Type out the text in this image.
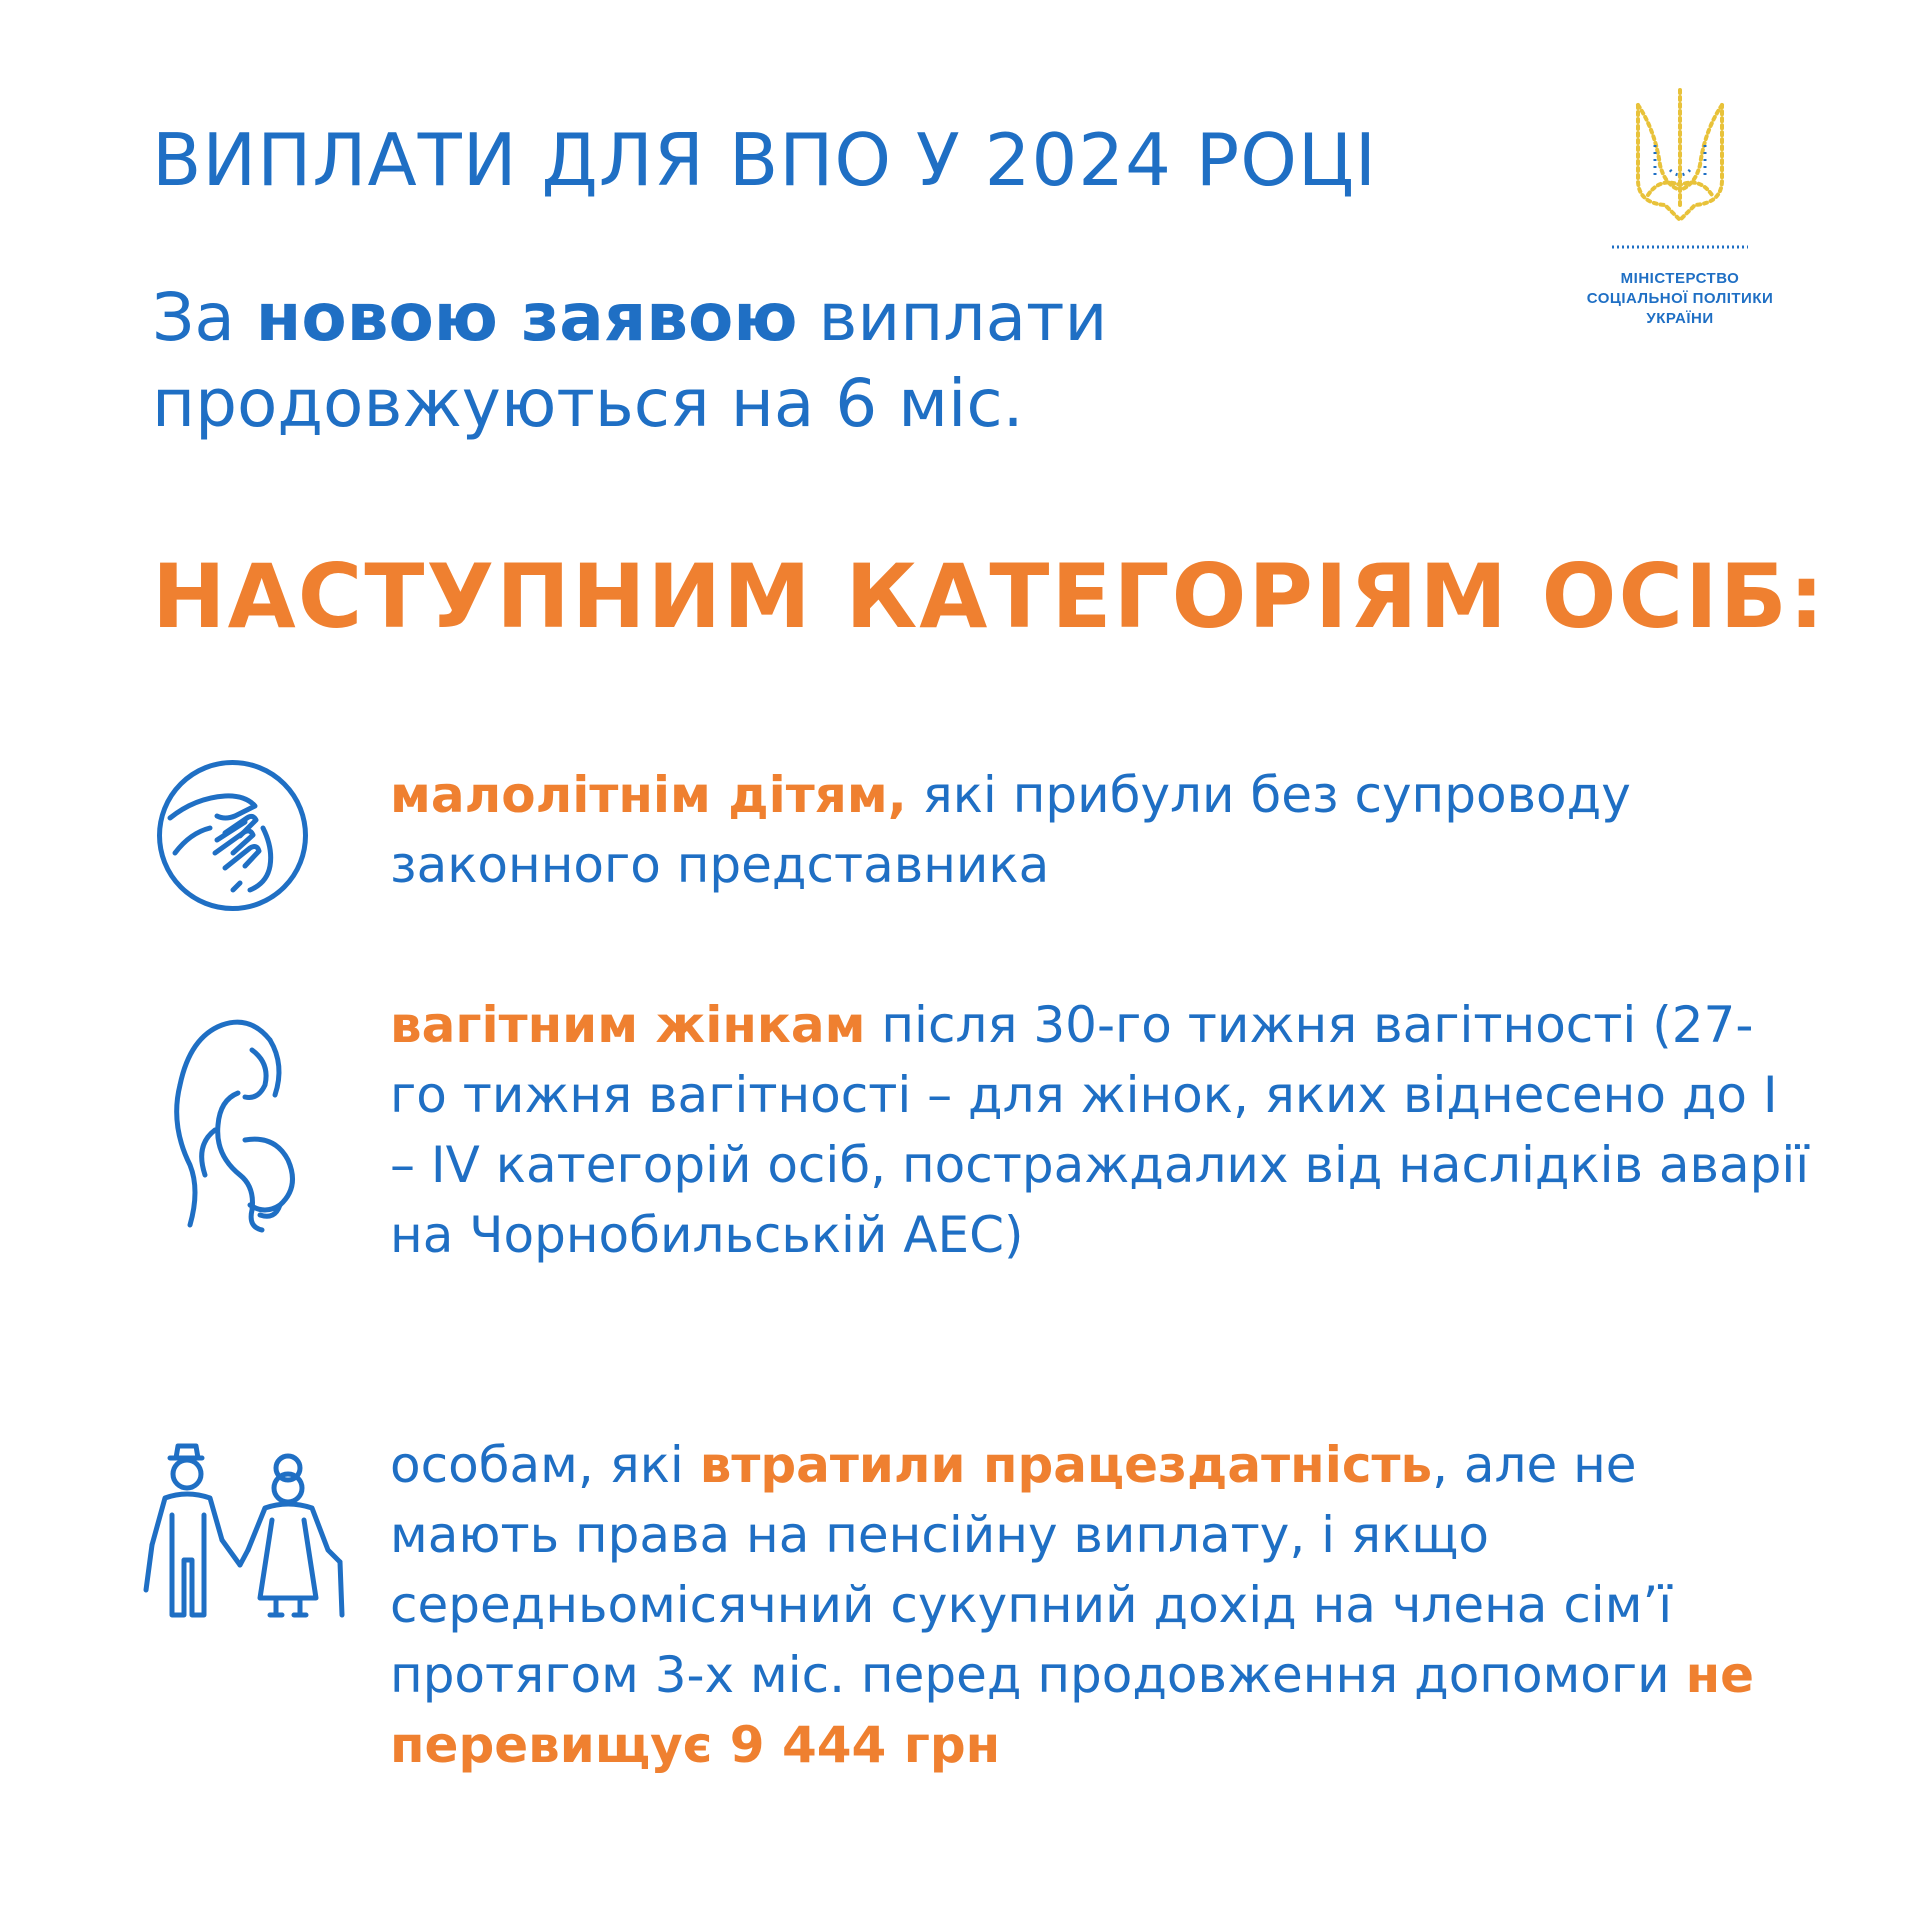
ВИПЛАТИ ДЛЯ ВПО У 2024 РОЦІ
МІНІСТЕРСТВО
СОЦІАЛЬНОЇ ПОЛІТИКИ
УКРАЇНИ

За новою заявою виплати продовжуються на 6 міс.

НАСТУПНИМ КАТЕГОРІЯМ ОСІБ:

малолітнім дітям, які прибули без супроводу законного представника

вагітним жінкам після 30-го тижня вагітності (27-го тижня вагітності – для жінок, яких віднесено до I – IV категорій осіб, постраждалих від наслідків аварії на Чорнобильській АЕС)

особам, які втратили працездатність, але не мають права на пенсійну виплату, і якщо середньомісячний сукупний дохід на члена сім’ї протягом 3-х міс. перед продовження допомоги не перевищує 9 444 грн
